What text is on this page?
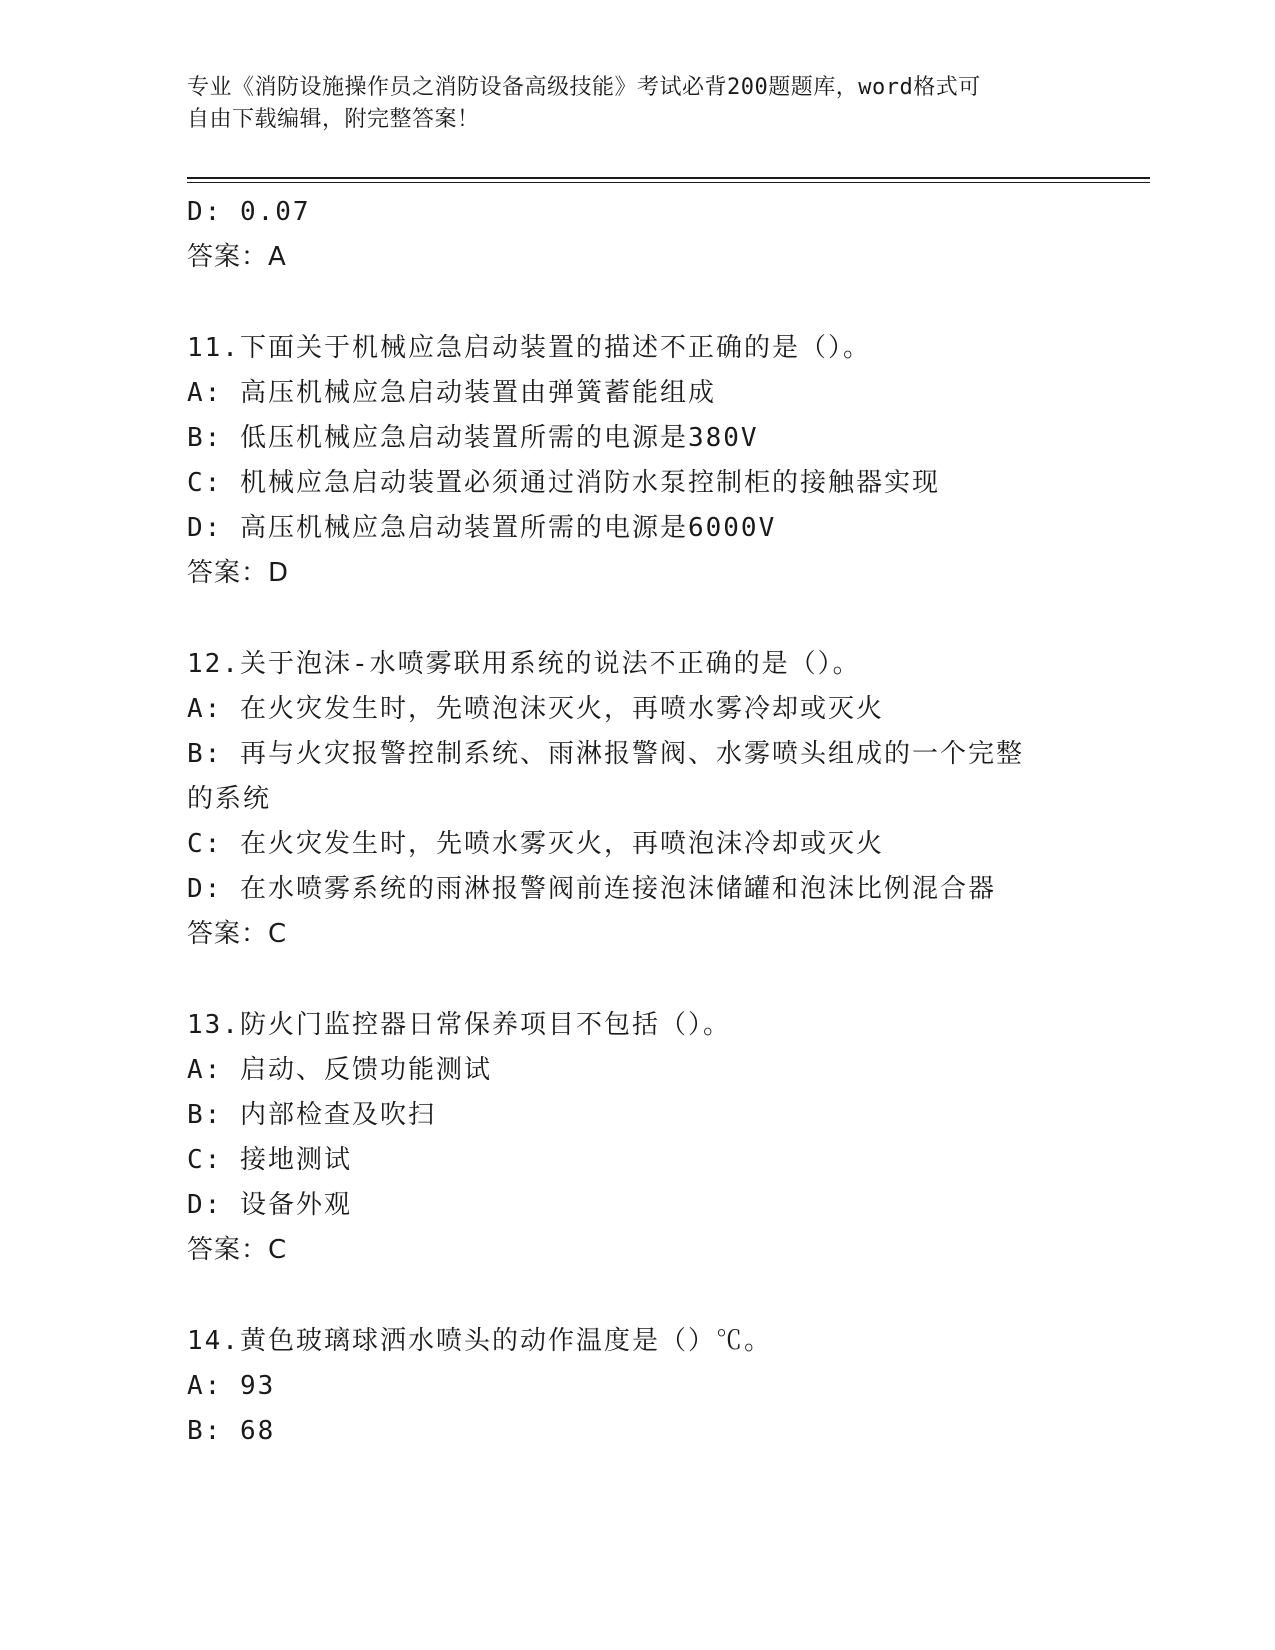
专业《消防设施操作员之消防设备高级技能》考试必背200题题库，word格式可
自由下载编辑，附完整答案！
D: 0.07
答案：A
11.下面关于机械应急启动装置的描述不正确的是（）。
A: 高压机械应急启动装置由弹簧蓄能组成
B: 低压机械应急启动装置所需的电源是380V
C: 机械应急启动装置必须通过消防水泵控制柜的接触器实现
D: 高压机械应急启动装置所需的电源是6000V
答案：D
12.关于泡沫-水喷雾联用系统的说法不正确的是（）。
A: 在火灾发生时，先喷泡沫灭火，再喷水雾冷却或灭火
B: 再与火灾报警控制系统、雨淋报警阀、水雾喷头组成的一个完整的系统
C: 在火灾发生时，先喷水雾灭火，再喷泡沫冷却或灭火
D: 在水喷雾系统的雨淋报警阀前连接泡沫储罐和泡沫比例混合器
答案：C
13.防火门监控器日常保养项目不包括（）。
A: 启动、反馈功能测试
B: 内部检查及吹扫
C: 接地测试
D: 设备外观
答案：C
14.黄色玻璃球洒水喷头的动作温度是（）℃。
A: 93
B: 68
